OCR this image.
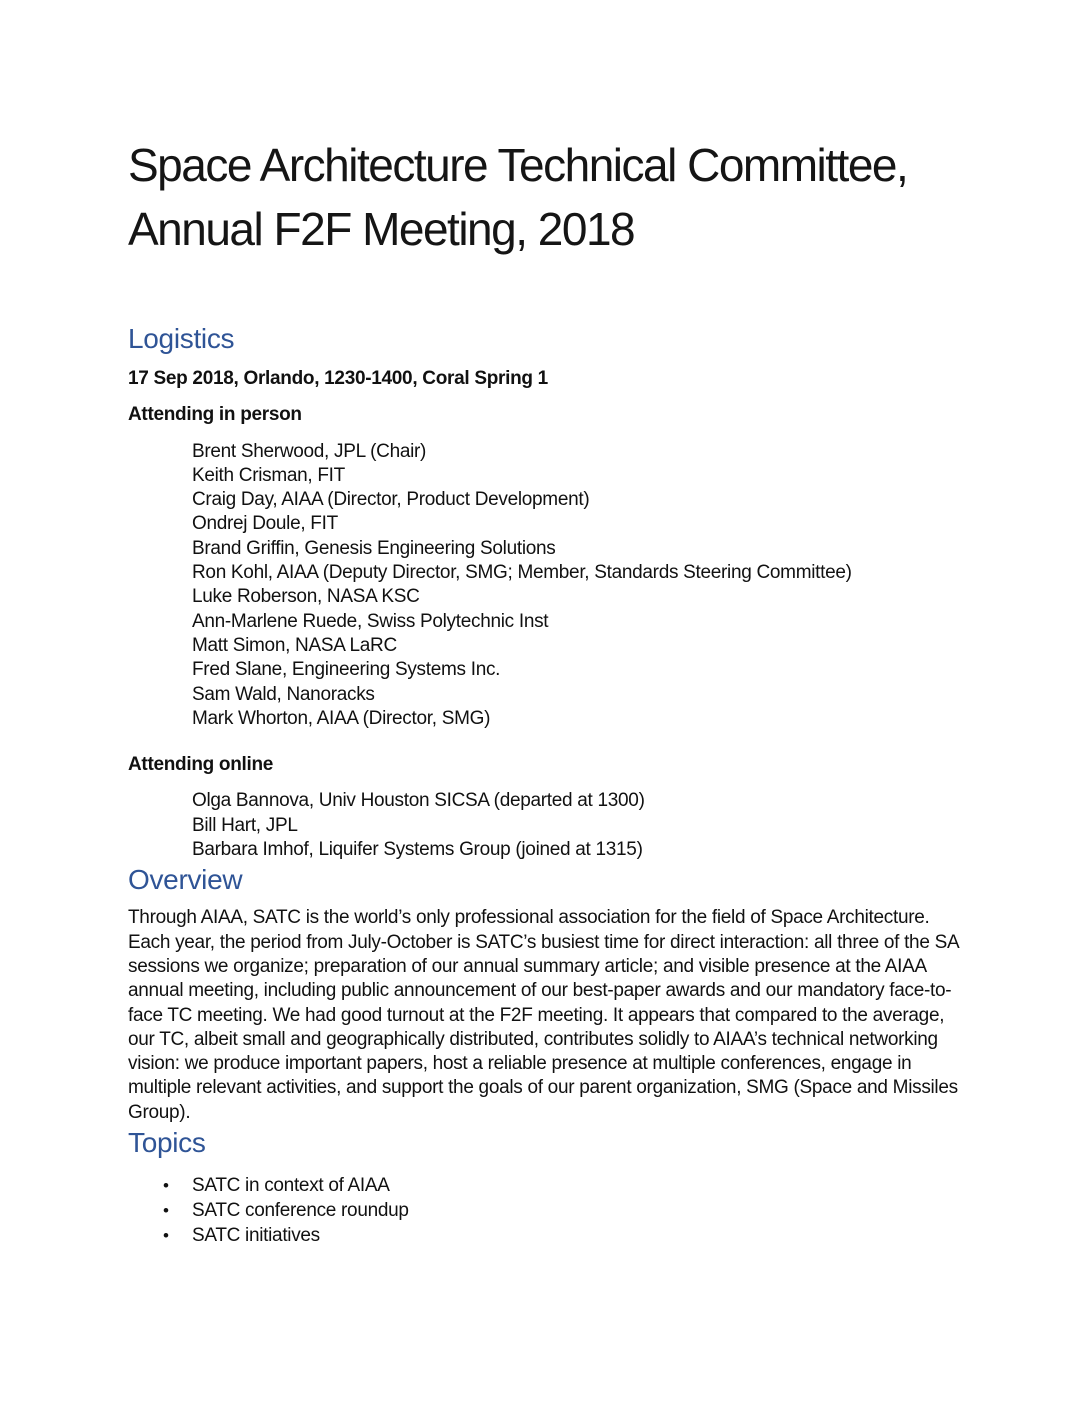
Space Architecture Technical Committee,
Annual F2F Meeting, 2018
Logistics
17 Sep 2018, Orlando, 1230-1400, Coral Spring 1
Attending in person
Brent Sherwood, JPL (Chair)
Keith Crisman, FIT
Craig Day, AIAA (Director, Product Development)
Ondrej Doule, FIT
Brand Griffin, Genesis Engineering Solutions
Ron Kohl, AIAA (Deputy Director, SMG; Member, Standards Steering Committee)
Luke Roberson, NASA KSC
Ann-Marlene Ruede, Swiss Polytechnic Inst
Matt Simon, NASA LaRC
Fred Slane, Engineering Systems Inc.
Sam Wald, Nanoracks
Mark Whorton, AIAA (Director, SMG)
Attending online
Olga Bannova, Univ Houston SICSA (departed at 1300)
Bill Hart, JPL
Barbara Imhof, Liquifer Systems Group (joined at 1315)
Overview
Through AIAA, SATC is the world’s only professional association for the field of Space Architecture. Each year, the period from July-October is SATC’s busiest time for direct interaction: all three of the SA sessions we organize; preparation of our annual summary article; and visible presence at the AIAA annual meeting, including public announcement of our best-paper awards and our mandatory face-to-face TC meeting. We had good turnout at the F2F meeting. It appears that compared to the average, our TC, albeit small and geographically distributed, contributes solidly to AIAA’s technical networking vision: we produce important papers, host a reliable presence at multiple conferences, engage in multiple relevant activities, and support the goals of our parent organization, SMG (Space and Missiles Group).
Topics
•	SATC in context of AIAA
•	SATC conference roundup
•	SATC initiatives
